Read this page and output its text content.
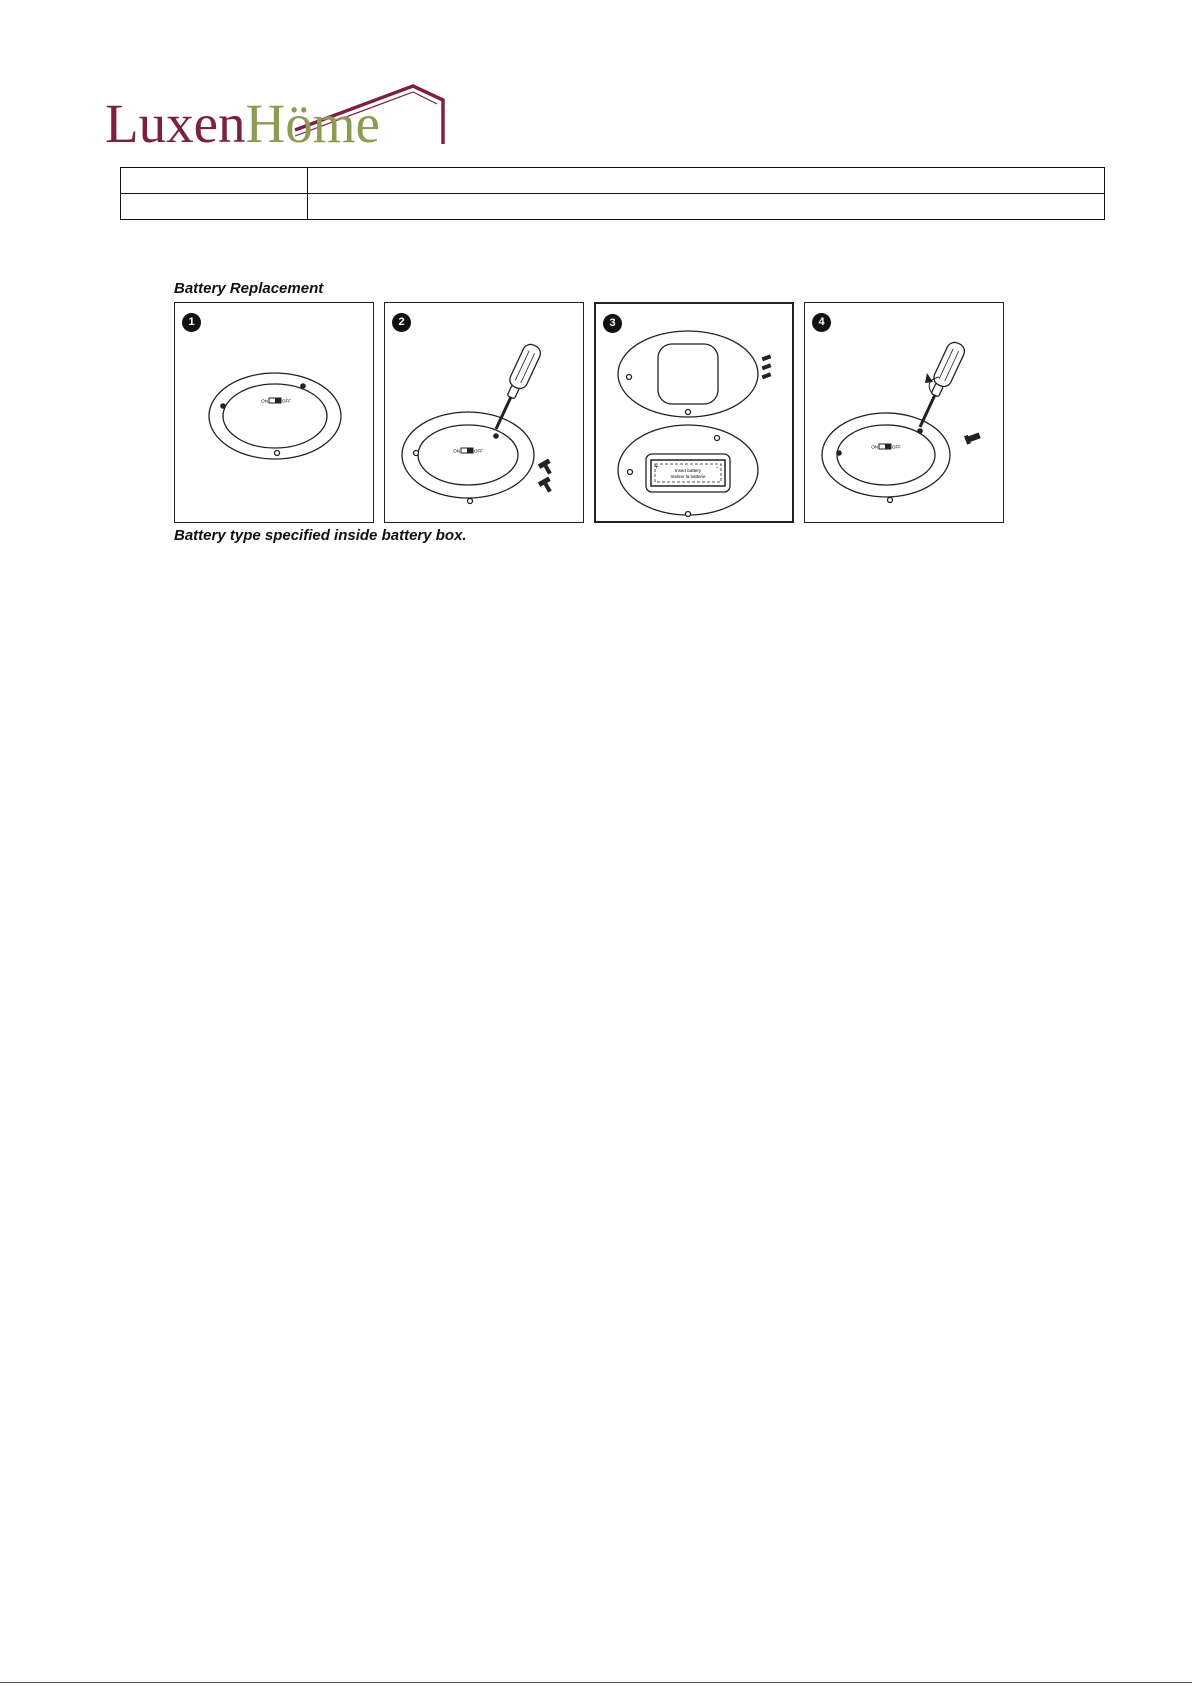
LuxenHöme

Battery Replacement
1
ON	OFF
2
ON	OFF
3
+	-
Insert battery
Insérer la batterie
4
ON	OFF
Battery type specified inside battery box.
